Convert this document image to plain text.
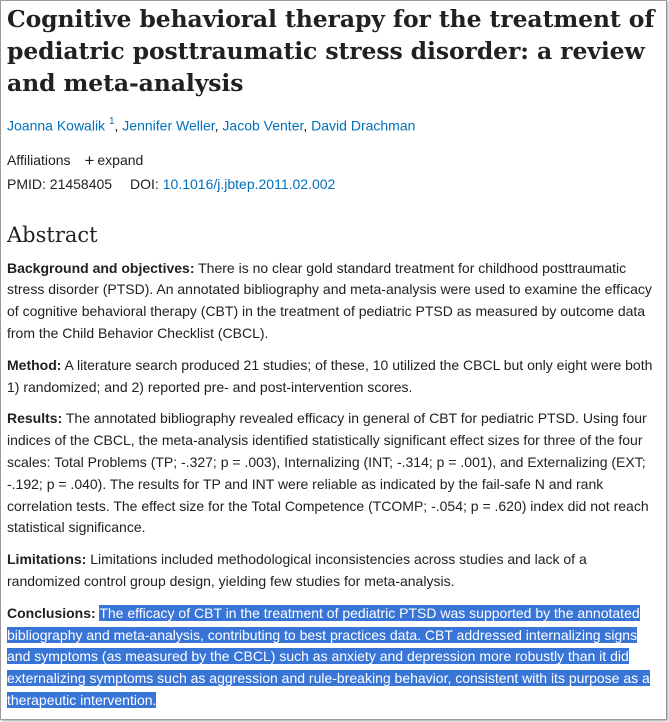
Cognitive behavioral therapy for the treatment of pediatric posttraumatic stress disorder: a review and meta-analysis
Joanna Kowalik $^1$, Jennifer Weller, Jacob Venter, David Drachman
Affiliations + expand
PMID: 21458405 DOI: 10.1016/j.jbtep.2011.02.002
Abstract

Background and objectives: There is no clear gold standard treatment for childhood posttraumatic stress disorder (PTSD). An annotated bibliography and meta-analysis were used to examine the efficacy of cognitive behavioral therapy (CBT) in the treatment of pediatric PTSD as measured by outcome data from the Child Behavior Checklist (CBCL).

Method: A literature search produced 21 studies; of these, 10 utilized the CBCL but only eight were both 1) randomized; and 2) reported pre- and post-intervention scores.

Results: The annotated bibliography revealed efficacy in general of CBT for pediatric PTSD. Using four indices of the CBCL, the meta-analysis identified statistically significant effect sizes for three of the four scales: Total Problems (TP; -.327; p = .003), Internalizing (INT; -.314; p = .001), and Externalizing (EXT; -.192; p = .040). The results for TP and INT were reliable as indicated by the fail-safe N and rank correlation tests. The effect size for the Total Competence (TCOMP; -.054; p = .620) index did not reach statistical significance.

Limitations: Limitations included methodological inconsistencies across studies and lack of a randomized control group design, yielding few studies for meta-analysis.

Conclusions: The efficacy of CBT in the treatment of pediatric PTSD was supported by the annotated bibliography and meta-analysis, contributing to best practices data. CBT addressed internalizing signs and symptoms (as measured by the CBCL) such as anxiety and depression more robustly than it did externalizing symptoms such as aggression and rule-breaking behavior, consistent with its purpose as a therapeutic intervention.
